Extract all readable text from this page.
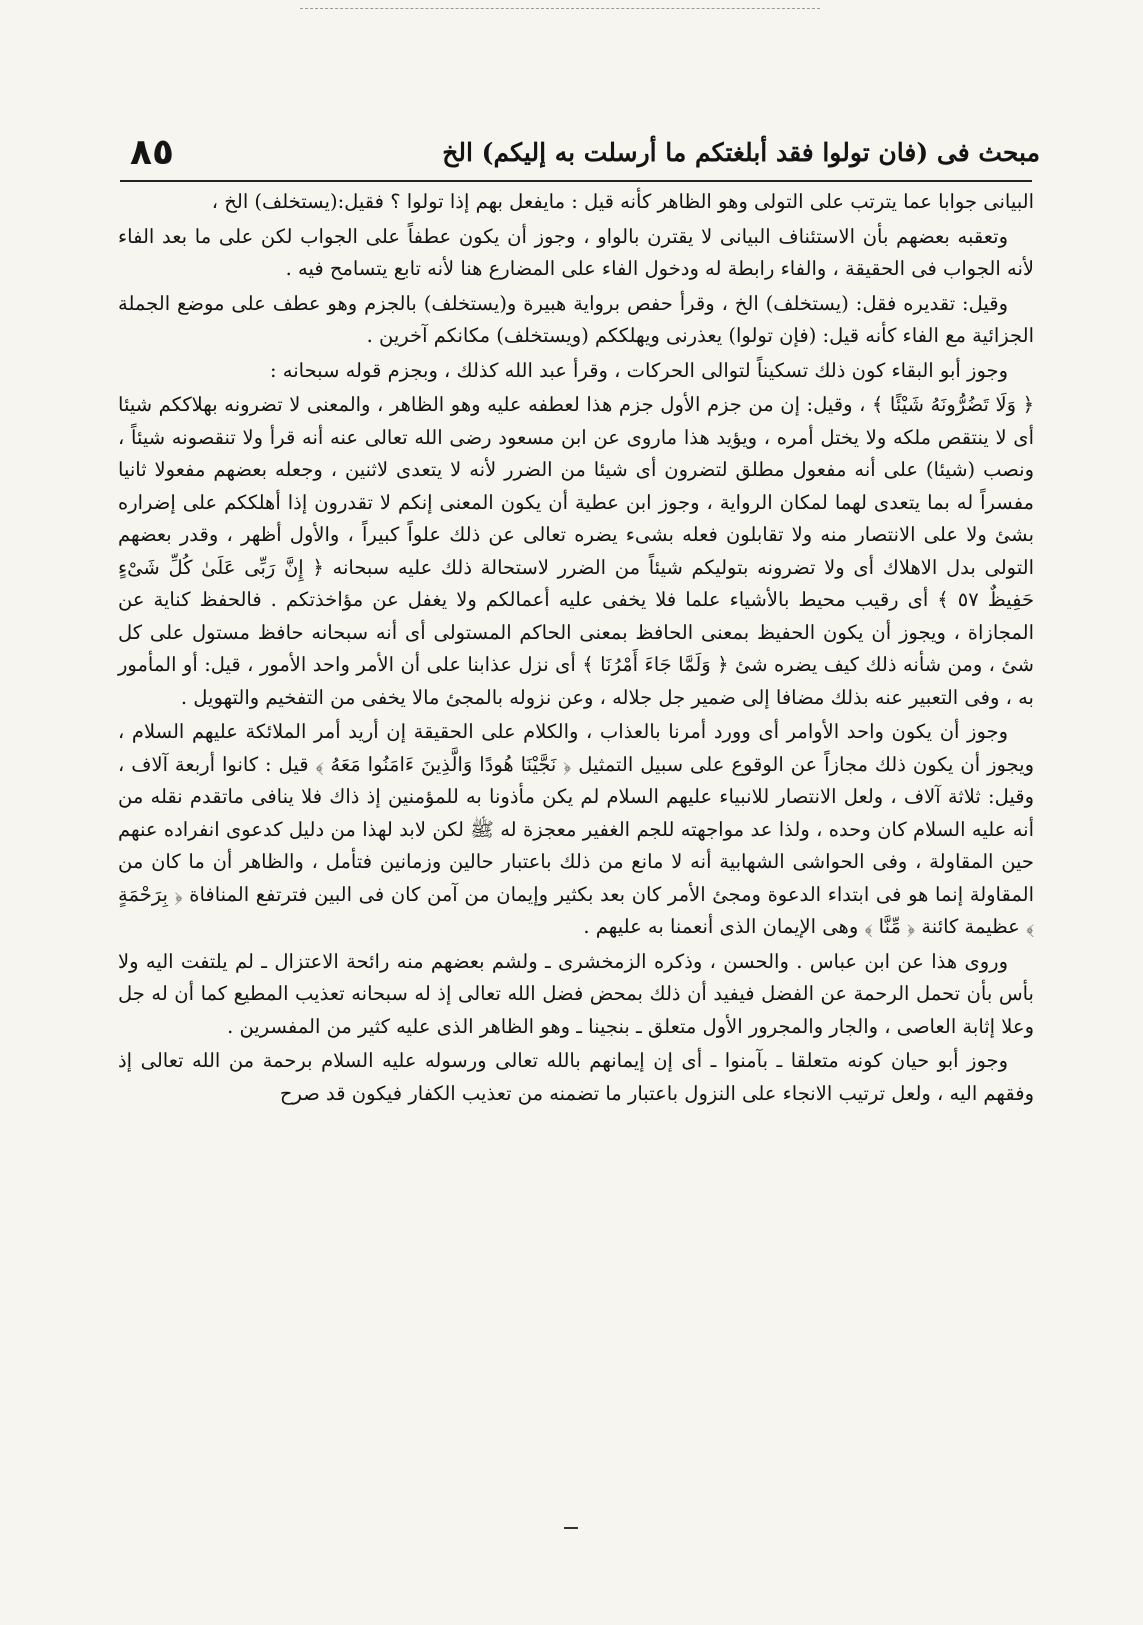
٨٥	مبحث فى (فان تولوا فقد أبلغتكم ما أرسلت به إليكم) الخ

البيانى جوابا عما يترتب على التولى وهو الظاهر كأنه قيل : مايفعل بهم إذا تولوا ؟ فقيل:(يستخلف) الخ ،

وتعقبه بعضهم بأن الاستئناف البيانى لا يقترن بالواو ، وجوز أن يكون عطفاً على الجواب لكن على ما بعد الفاء لأنه الجواب فى الحقيقة ، والفاء رابطة له ودخول الفاء على المضارع هنا لأنه تابع يتسامح فيه .

وقيل: تقديره فقل: (يستخلف) الخ ، وقرأ حفص برواية هبيرة و(يستخلف) بالجزم وهو عطف على موضع الجملة الجزائية مع الفاء كأنه قيل: (فإن تولوا) يعذرنى ويهلككم (ويستخلف) مكانكم آخرين .

وجوز أبو البقاء كون ذلك تسكيناً لتوالى الحركات ، وقرأ عبد الله كذلك ، وبجزم قوله سبحانه :

﴿ وَلَا تَضُرُّونَهُ شَيْئًا ﴾ ، وقيل: إن من جزم الأول جزم هذا لعطفه عليه وهو الظاهر ، والمعنى لا تضرونه بهلاككم شيئا أى لا ينتقص ملكه ولا يختل أمره ، ويؤيد هذا ماروى عن ابن مسعود رضى الله تعالى عنه أنه قرأ ولا تنقصونه شيئاً ، ونصب (شيئا) على أنه مفعول مطلق لتضرون أى شيئا من الضرر لأنه لا يتعدى لاثنين ، وجعله بعضهم مفعولا ثانيا مفسراً له بما يتعدى لهما لمكان الرواية ، وجوز ابن عطية أن يكون المعنى إنكم لا تقدرون إذا أهلككم على إضراره بشئ ولا على الانتصار منه ولا تقابلون فعله بشىء يضره تعالى عن ذلك علواً كبيراً ، والأول أظهر ، وقدر بعضهم التولى بدل الاهلاك أى ولا تضرونه بتوليكم شيئاً من الضرر لاستحالة ذلك عليه سبحانه ﴿ إِنَّ رَبِّى عَلَىٰ كُلِّ شَىْءٍ حَفِيظٌ ٥٧ ﴾ أى رقيب محيط بالأشياء علما فلا يخفى عليه أعمالكم ولا يغفل عن مؤاخذتكم . فالحفظ كناية عن المجازاة ، ويجوز أن يكون الحفيظ بمعنى الحافظ بمعنى الحاكم المستولى أى أنه سبحانه حافظ مستول على كل شئ ، ومن شأنه ذلك كيف يضره شئ ﴿ وَلَمَّا جَاءَ أَمْرُنَا ﴾ أى نزل عذابنا على أن الأمر واحد الأمور ، قيل: أو المأمور به ، وفى التعبير عنه بذلك مضافا إلى ضمير جل جلاله ، وعن نزوله بالمجئ مالا يخفى من التفخيم والتهويل .

وجوز أن يكون واحد الأوامر أى وورد أمرنا بالعذاب ، والكلام على الحقيقة إن أريد أمر الملائكة عليهم السلام ، ويجوز أن يكون ذلك مجازاً عن الوقوع على سبيل التمثيل ﴿ نَجَّيْنَا هُودًا وَالَّذِينَ ءَامَنُوا مَعَهُ ﴾ قيل : كانوا أربعة آلاف ، وقيل: ثلاثة آلاف ، ولعل الانتصار للانبياء عليهم السلام لم يكن مأذونا به للمؤمنين إذ ذاك فلا ينافى ماتقدم نقله من أنه عليه السلام كان وحده ، ولذا عد مواجهته للجم الغفير معجزة له ﷺ لكن لابد لهذا من دليل كدعوى انفراده عنهم حين المقاولة ، وفى الحواشى الشهابية أنه لا مانع من ذلك باعتبار حالين وزمانين فتأمل ، والظاهر أن ما كان من المقاولة إنما هو فى ابتداء الدعوة ومجئ الأمر كان بعد بكثير وإيمان من آمن كان فى البين فترتفع المنافاة ﴿ بِرَحْمَةٍ ﴾ عظيمة كائنة ﴿ مِّنَّا ﴾ وهى الإيمان الذى أنعمنا به عليهم .

وروى هذا عن ابن عباس . والحسن ، وذكره الزمخشرى ـ ولشم بعضهم منه رائحة الاعتزال ـ لم يلتفت اليه ولا بأس بأن تحمل الرحمة عن الفضل فيفيد أن ذلك بمحض فضل الله تعالى إذ له سبحانه تعذيب المطيع كما أن له جل وعلا إثابة العاصى ، والجار والمجرور الأول متعلق ـ بنجينا ـ وهو الظاهر الذى عليه كثير من المفسرين .

وجوز أبو حيان كونه متعلقا ـ بآمنوا ـ أى إن إيمانهم بالله تعالى ورسوله عليه السلام برحمة من الله تعالى إذ وفقهم اليه ، ولعل ترتيب الانجاء على النزول باعتبار ما تضمنه من تعذيب الكفار فيكون قد صرح
